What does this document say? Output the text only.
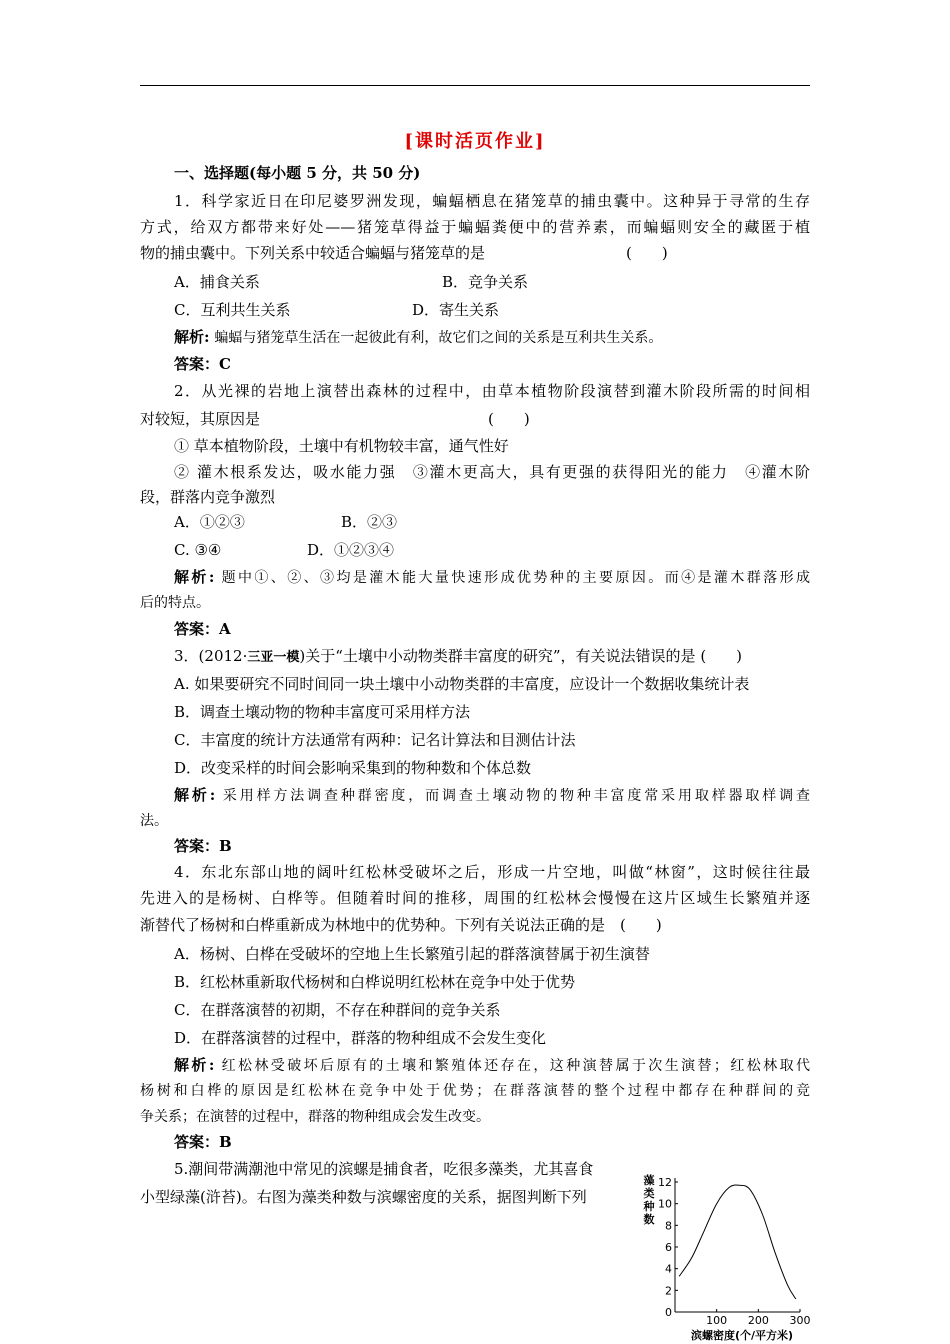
[课时活页作业]
一、选择题(每小题 5 分，共 50 分)
1．科学家近日在印尼婆罗洲发现，蝙蝠栖息在猪笼草的捕虫囊中。这种异于寻常的生存
方式，给双方都带来好处——猪笼草得益于蝙蝠粪便中的营养素，而蝙蝠则安全的藏匿于植
物的捕虫囊中。下列关系中较适合蝙蝠与猪笼草的是	(　　)
A．捕食关系	B．竞争关系
C．互利共生关系	D．寄生关系
解析: 蝙蝠与猪笼草生活在一起彼此有利，故它们之间的关系是互利共生关系。
答案：C
2．从光裸的岩地上演替出森林的过程中，由草本植物阶段演替到灌木阶段所需的时间相
对较短，其原因是	(　　)
① 草本植物阶段，土壤中有机物较丰富，通气性好
② 灌木根系发达，吸水能力强　③灌木更高大，具有更强的获得阳光的能力　④灌木阶
段，群落内竞争激烈
A．①②③	B．②③
C. ③④	D．①②③④
解析: 题中①、②、③均是灌木能大量快速形成优势种的主要原因。而④是灌木群落形成
后的特点。
答案：A
3．(2012·三亚一模)关于“土壤中小动物类群丰富度的研究”，有关说法错误的是 (　　)
A. 如果要研究不同时间同一块土壤中小动物类群的丰富度，应设计一个数据收集统计表
B．调查土壤动物的物种丰富度可采用样方法
C．丰富度的统计方法通常有两种：记名计算法和目测估计法
D．改变采样的时间会影响采集到的物种数和个体总数
解析: 采用样方法调查种群密度，而调查土壤动物的物种丰富度常采用取样器取样调查
法。
答案：B
4．东北东部山地的阔叶红松林受破坏之后，形成一片空地，叫做“林窗”，这时候往往最
先进入的是杨树、白桦等。但随着时间的推移，周围的红松林会慢慢在这片区域生长繁殖并逐
渐替代了杨树和白桦重新成为林地中的优势种。下列有关说法正确的是　(　　)
A．杨树、白桦在受破坏的空地上生长繁殖引起的群落演替属于初生演替
B．红松林重新取代杨树和白桦说明红松林在竞争中处于优势
C．在群落演替的初期，不存在种群间的竞争关系
D．在群落演替的过程中，群落的物种组成不会发生变化
解析: 红松林受破坏后原有的土壤和繁殖体还存在，这种演替属于次生演替；红松林取代
杨树和白桦的原因是红松林在竞争中处于优势；在群落演替的整个过程中都存在种群间的竞
争关系；在演替的过程中，群落的物种组成会发生改变。
答案：B
5.潮间带满潮池中常见的滨螺是捕食者，吃很多藻类，尤其喜食
小型绿藻(浒苔)。右图为藻类种数与滨螺密度的关系，据图判断下列
藻
类
种
数
0
2
4
6
8
10
12
100 200 300
滨螺密度(个/平方米)
